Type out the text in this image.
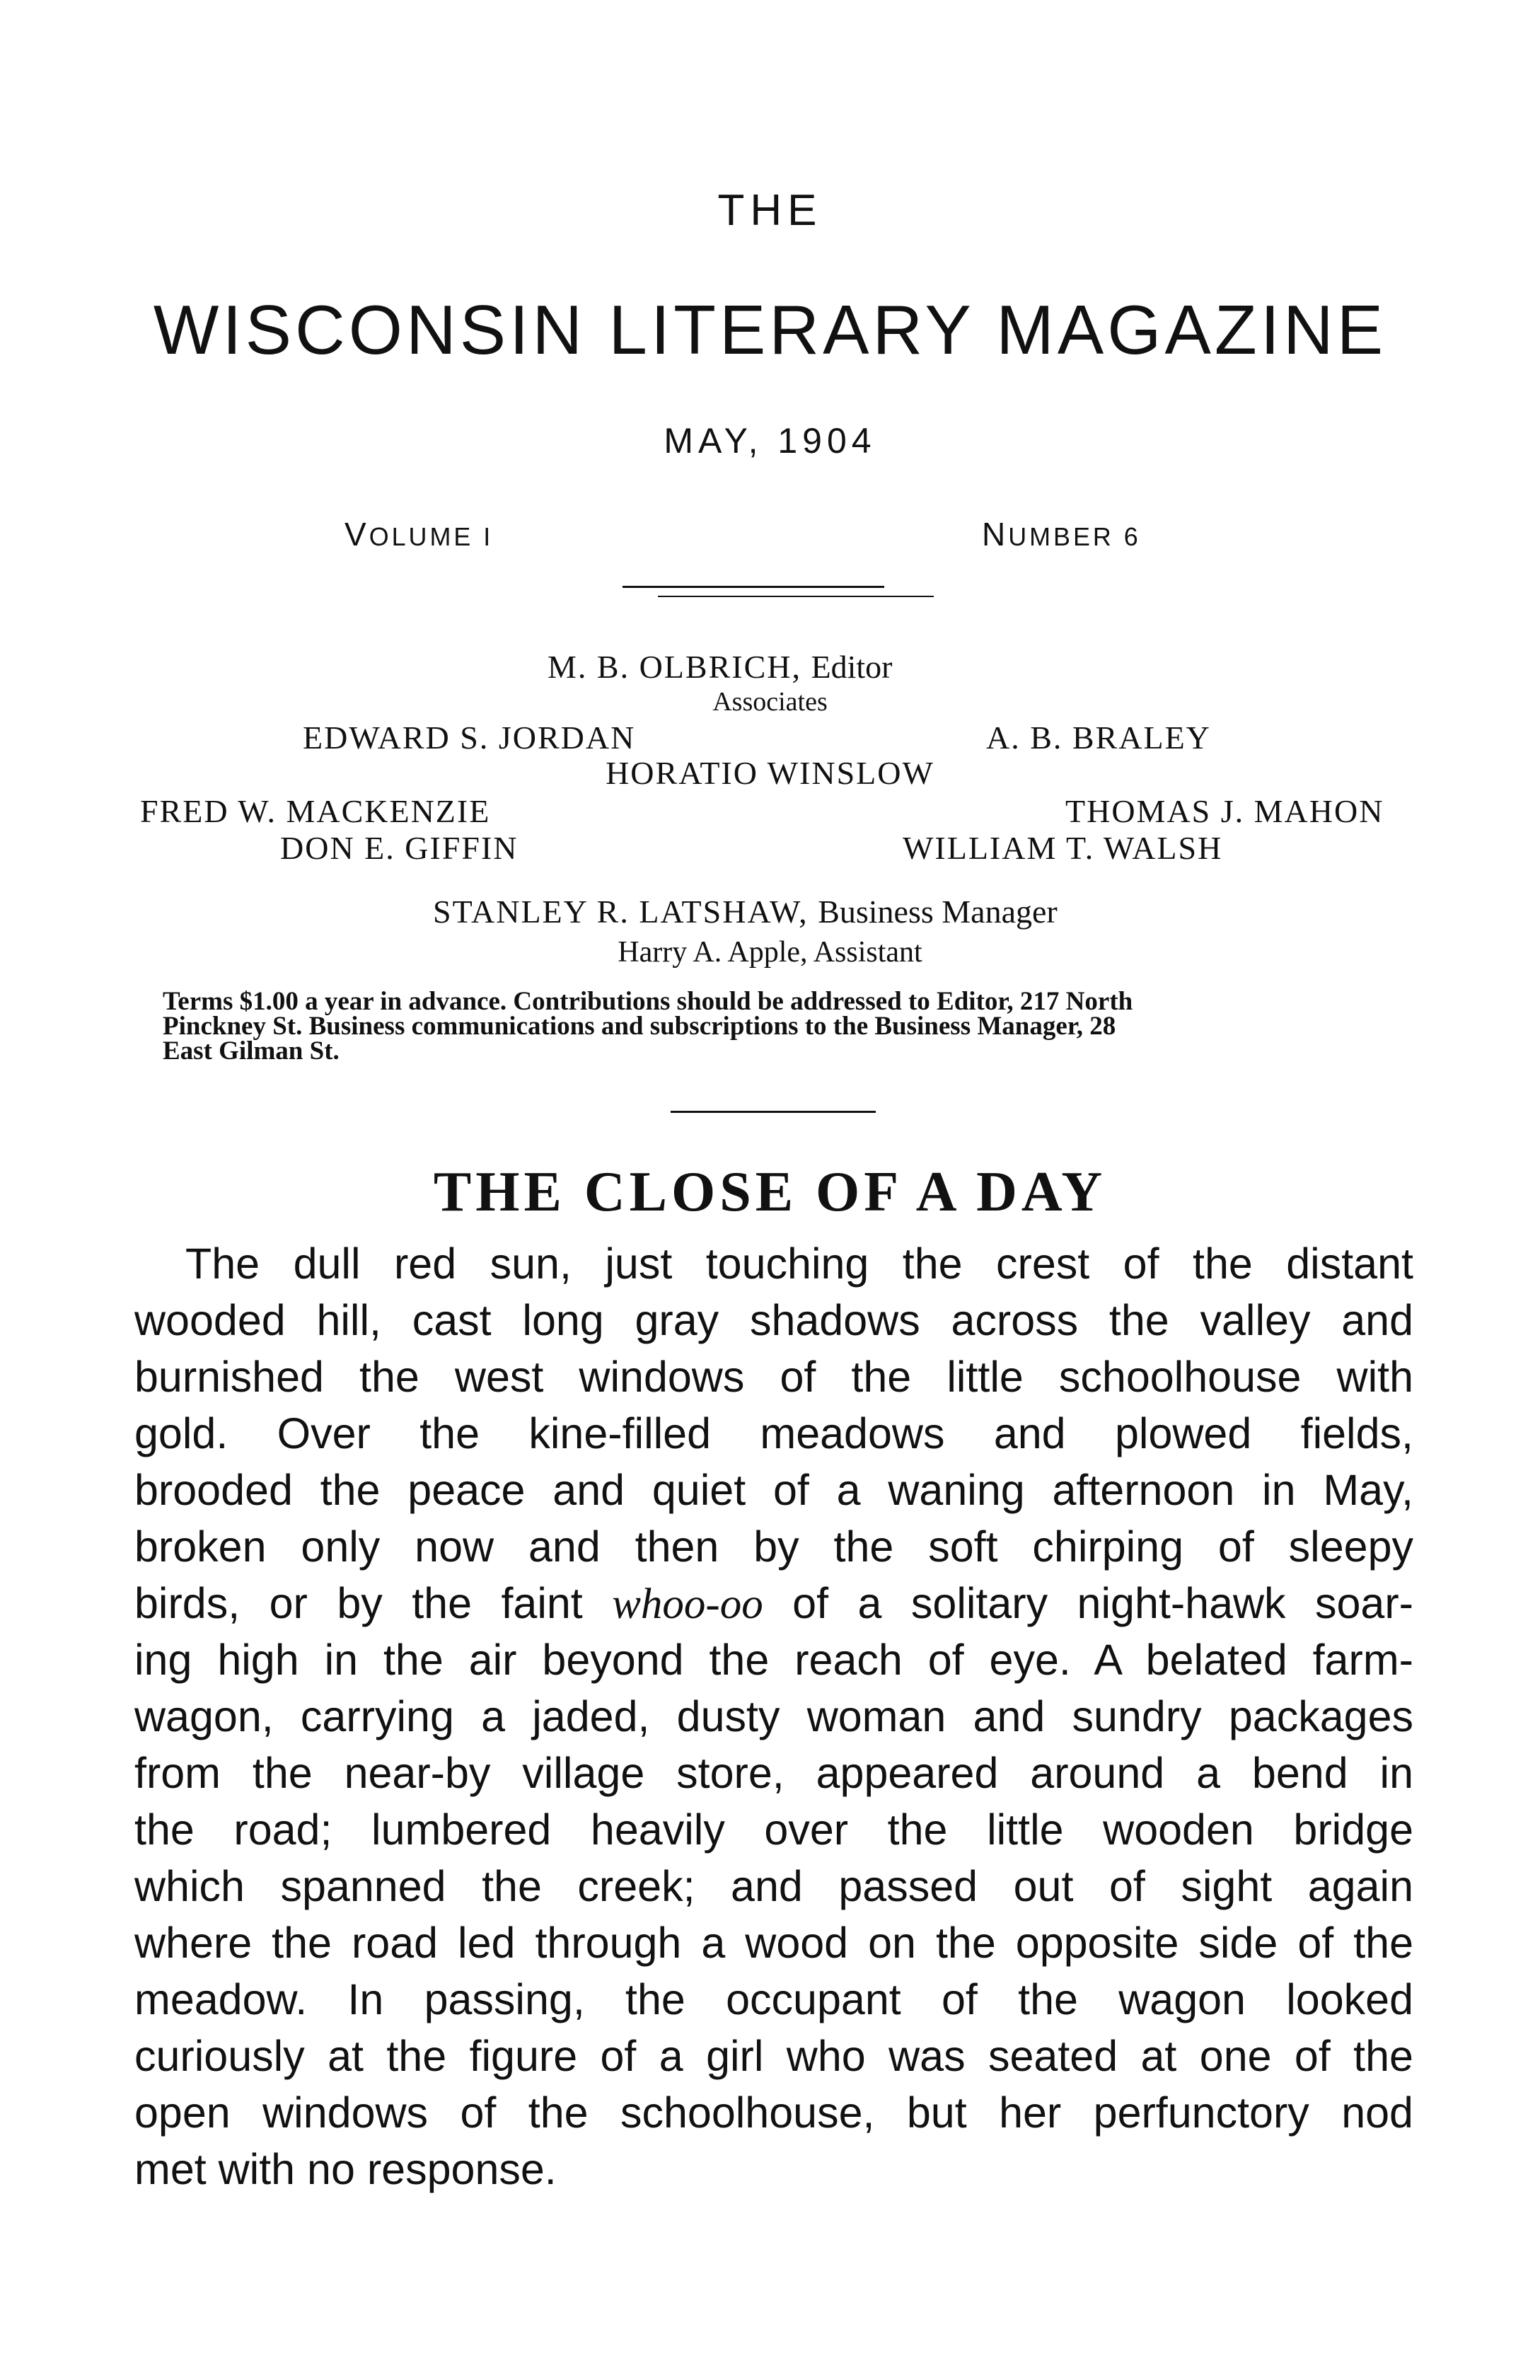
THE
WISCONSIN LITERARY MAGAZINE
MAY, 1904
VOLUME I	NUMBER 6
M. B. OLBRICH, Editor
Associates
EDWARD S. JORDAN	A. B. BRALEY
HORATIO WINSLOW
FRED W. MACKENZIE	THOMAS J. MAHON
DON E. GIFFIN	WILLIAM T. WALSH
STANLEY R. LATSHAW, Business Manager
Harry A. Apple, Assistant
Terms $1.00 a year in advance. Contributions should be addressed to Editor, 217 North
Pinckney St. Business communications and subscriptions to the Business Manager, 28
East Gilman St.
THE CLOSE OF A DAY
The dull red sun, just touching the crest of the distant
wooded hill, cast long gray shadows across the valley and
burnished the west windows of the little schoolhouse with
gold. Over the kine-filled meadows and plowed fields,
brooded the peace and quiet of a waning afternoon in May,
broken only now and then by the soft chirping of sleepy
birds, or by the faint whoo-oo of a solitary night-hawk soar-
ing high in the air beyond the reach of eye. A belated farm-
wagon, carrying a jaded, dusty woman and sundry packages
from the near-by village store, appeared around a bend in
the road; lumbered heavily over the little wooden bridge
which spanned the creek; and passed out of sight again
where the road led through a wood on the opposite side of the
meadow. In passing, the occupant of the wagon looked
curiously at the figure of a girl who was seated at one of the
open windows of the schoolhouse, but her perfunctory nod
met with no response.
